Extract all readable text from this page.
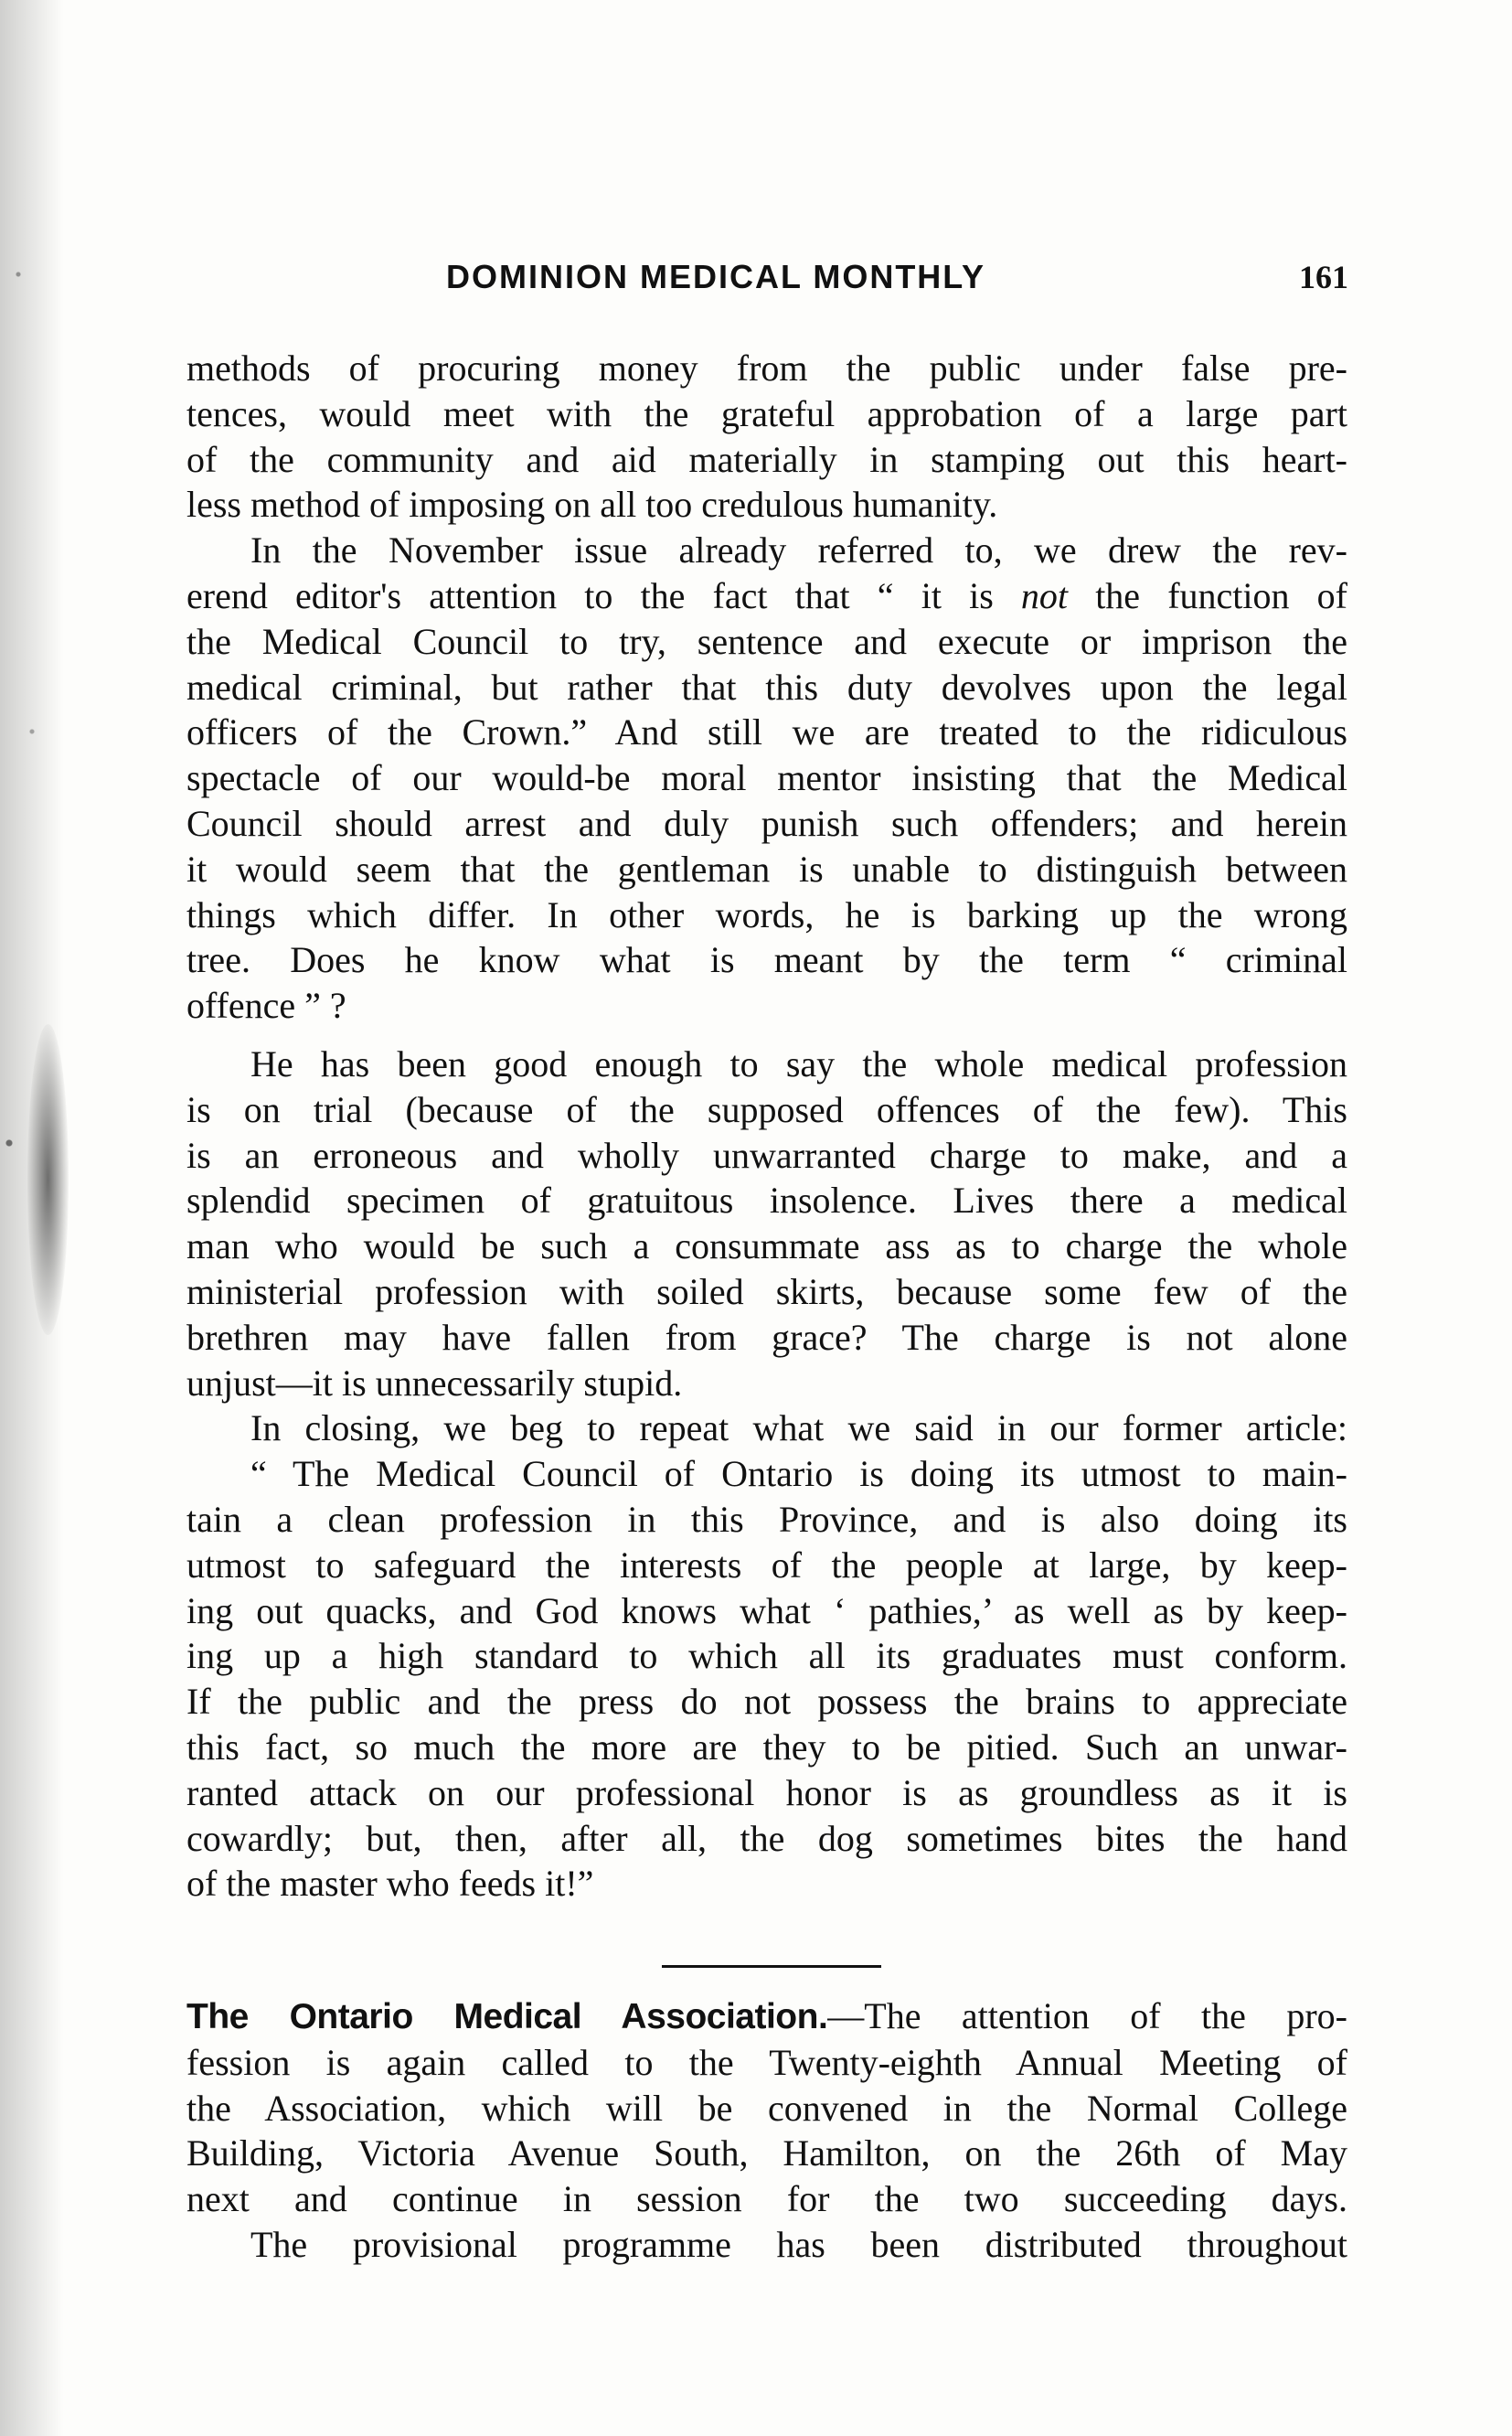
DOMINION MEDICAL MONTHLY	161

methods of procuring money from the public under false pre-

tences, would meet with the grateful approbation of a large part

of the community and aid materially in stamping out this heart-

less method of imposing on all too credulous humanity.

In the November issue already referred to, we drew the rev-

erend editor's attention to the fact that “ it is not the function of

the Medical Council to try, sentence and execute or imprison the

medical criminal, but rather that this duty devolves upon the legal

officers of the Crown.” And still we are treated to the ridiculous

spectacle of our would-be moral mentor insisting that the Medical

Council should arrest and duly punish such offenders; and herein

it would seem that the gentleman is unable to distinguish between

things which differ. In other words, he is barking up the wrong

tree. Does he know what is meant by the term “ criminal

offence ” ?

He has been good enough to say the whole medical profession

is on trial (because of the supposed offences of the few). This

is an erroneous and wholly unwarranted charge to make, and a

splendid specimen of gratuitous insolence. Lives there a medical

man who would be such a consummate ass as to charge the whole

ministerial profession with soiled skirts, because some few of the

brethren may have fallen from grace? The charge is not alone

unjust—it is unnecessarily stupid.

In closing, we beg to repeat what we said in our former article:

“ The Medical Council of Ontario is doing its utmost to main-

tain a clean profession in this Province, and is also doing its

utmost to safeguard the interests of the people at large, by keep-

ing out quacks, and God knows what ‘ pathies,’ as well as by keep-

ing up a high standard to which all its graduates must conform.

If the public and the press do not possess the brains to appreciate

this fact, so much the more are they to be pitied. Such an unwar-

ranted attack on our professional honor is as groundless as it is

cowardly; but, then, after all, the dog sometimes bites the hand

of the master who feeds it!”

The Ontario Medical Association.—The attention of the pro-

fession is again called to the Twenty-eighth Annual Meeting of

the Association, which will be convened in the Normal College

Building, Victoria Avenue South, Hamilton, on the 26th of May

next and continue in session for the two succeeding days.

The provisional programme has been distributed throughout
